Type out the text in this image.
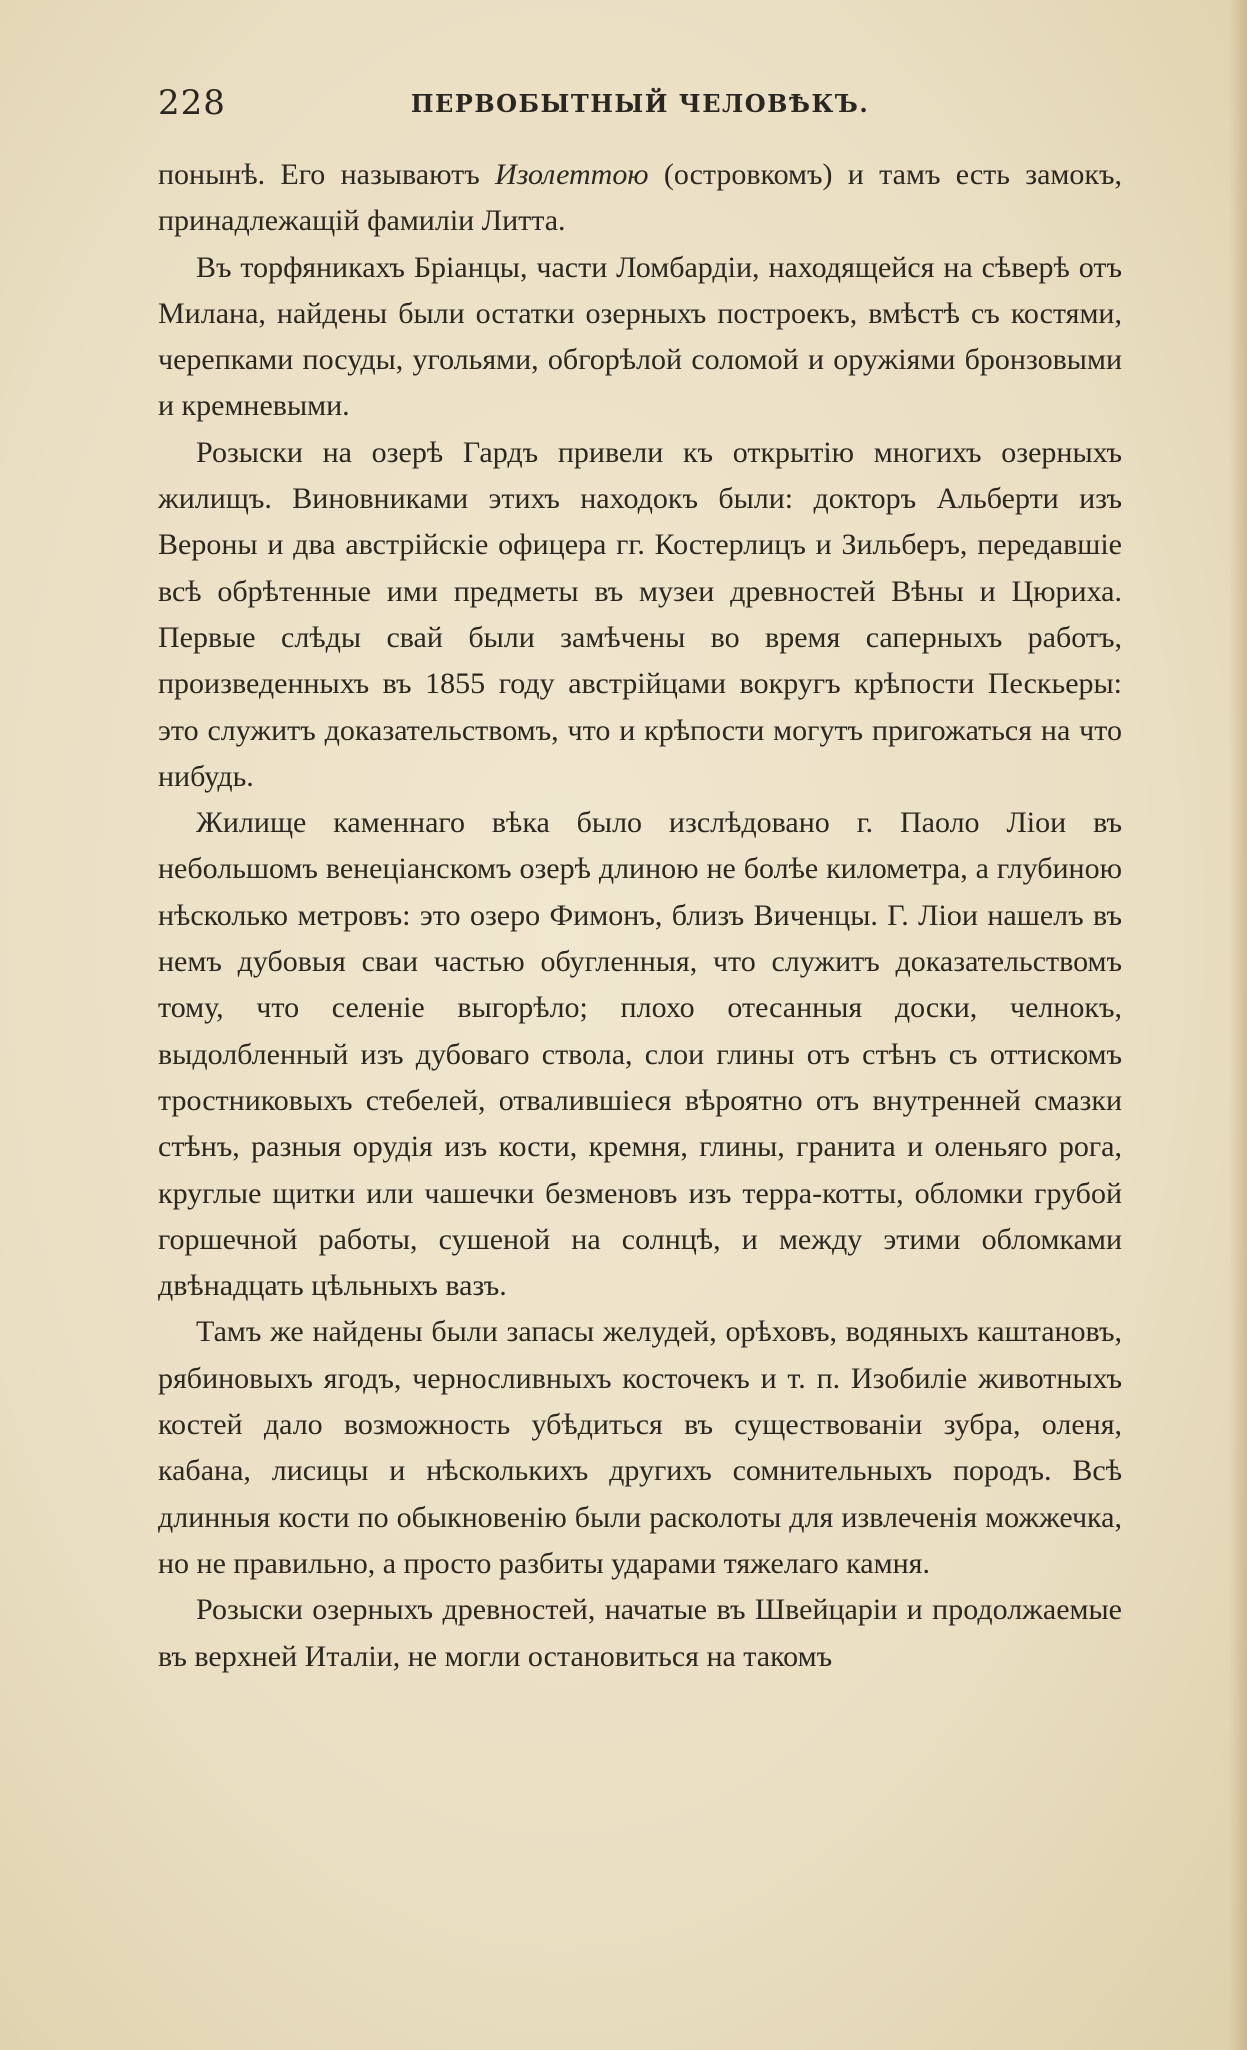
228	ПЕРВОБЫТНЫЙ ЧЕЛОВѢКЪ.

понынѣ. Его называютъ Изолеттою (островкомъ) и тамъ есть замокъ, принадлежащій фамиліи Литта.

Въ торфяникахъ Бріанцы, части Ломбардіи, находящейся на сѣверѣ отъ Милана, найдены были остатки озерныхъ построекъ, вмѣстѣ съ костями, черепками посуды, угольями, обгорѣлой соломой и оружіями бронзовыми и кремневыми.

Розыски на озерѣ Гардъ привели къ открытію многихъ озерныхъ жилищъ. Виновниками этихъ находокъ были: докторъ Альберти изъ Вероны и два австрійскіе офицера гг. Костерлицъ и Зильберъ, передавшіе всѣ обрѣтенные ими предметы въ музеи древностей Вѣны и Цюриха. Первые слѣды свай были замѣчены во время саперныхъ работъ, произведенныхъ въ 1855 году австрійцами вокругъ крѣпости Пескьеры: это служитъ доказательствомъ, что и крѣпости могутъ пригожаться на что нибудь.

Жилище каменнаго вѣка было изслѣдовано г. Паоло Ліои въ небольшомъ венеціанскомъ озерѣ длиною не болѣе километра, а глубиною нѣсколько метровъ: это озеро Фимонъ, близъ Виченцы. Г. Ліои нашелъ въ немъ дубовыя сваи частью обугленныя, что служитъ доказательствомъ тому, что селеніе выгорѣло; плохо отесанныя доски, челнокъ, выдолбленный изъ дубоваго ствола, слои глины отъ стѣнъ съ оттискомъ тростниковыхъ стебелей, отвалившіеся вѣроятно отъ внутренней смазки стѣнъ, разныя орудія изъ кости, кремня, глины, гранита и оленьяго рога, круглые щитки или чашечки безменовъ изъ терра-котты, обломки грубой горшечной работы, сушеной на солнцѣ, и между этими обломками двѣнадцать цѣльныхъ вазъ.

Тамъ же найдены были запасы желудей, орѣховъ, водяныхъ каштановъ, рябиновыхъ ягодъ, черносливныхъ косточекъ и т. п. Изобиліе животныхъ костей дало возможность убѣдиться въ существованіи зубра, оленя, кабана, лисицы и нѣсколькихъ другихъ сомнительныхъ породъ. Всѣ длинныя кости по обыкновенію были расколоты для извлеченія можжечка, но не правильно, а просто разбиты ударами тяжелаго камня.

Розыски озерныхъ древностей, начатые въ Швейцаріи и продолжаемые въ верхней Италіи, не могли остановиться на такомъ
